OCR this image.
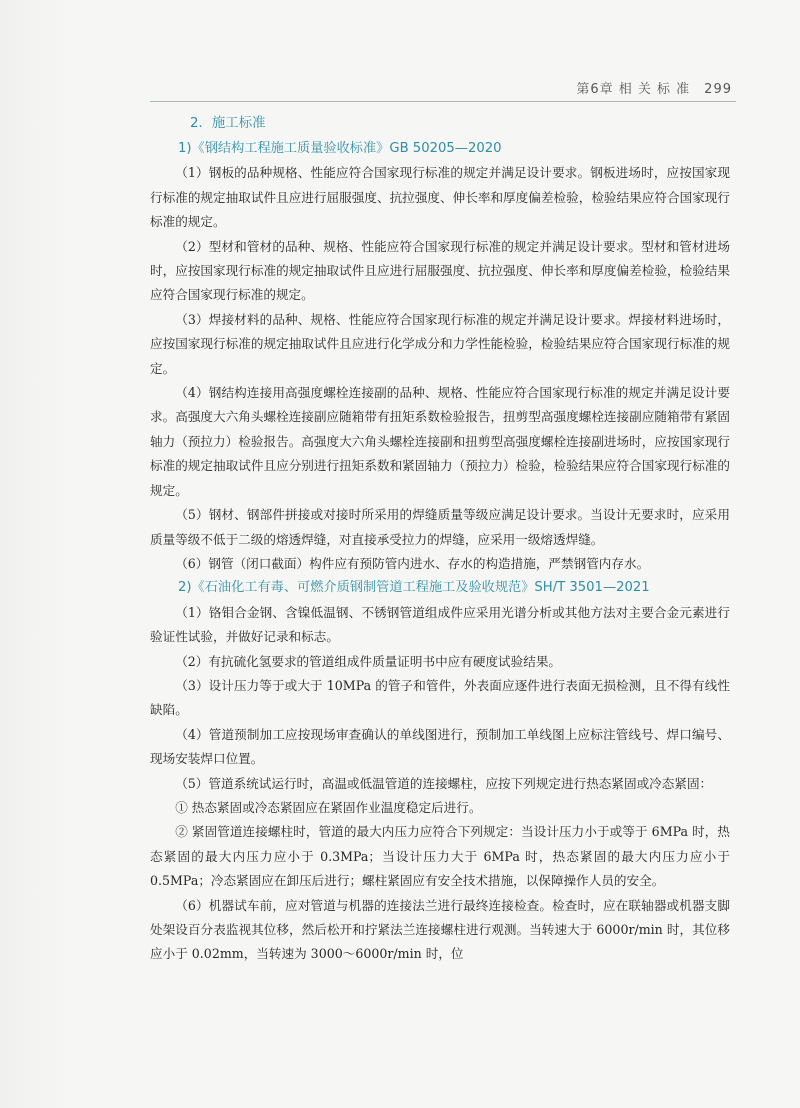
第6章 相 关 标 准 299
2．施工标准
1)《钢结构工程施工质量验收标准》GB 50205—2020

（1）钢板的品种规格、性能应符合国家现行标准的规定并满足设计要求。钢板进场时，应按国家现行标准的规定抽取试件且应进行屈服强度、抗拉强度、伸长率和厚度偏差检验，检验结果应符合国家现行标准的规定。

（2）型材和管材的品种、规格、性能应符合国家现行标准的规定并满足设计要求。型材和管材进场时，应按国家现行标准的规定抽取试件且应进行屈服强度、抗拉强度、伸长率和厚度偏差检验，检验结果应符合国家现行标准的规定。

（3）焊接材料的品种、规格、性能应符合国家现行标准的规定并满足设计要求。焊接材料进场时，应按国家现行标准的规定抽取试件且应进行化学成分和力学性能检验，检验结果应符合国家现行标准的规定。

（4）钢结构连接用高强度螺栓连接副的品种、规格、性能应符合国家现行标准的规定并满足设计要求。高强度大六角头螺栓连接副应随箱带有扭矩系数检验报告，扭剪型高强度螺栓连接副应随箱带有紧固轴力（预拉力）检验报告。高强度大六角头螺栓连接副和扭剪型高强度螺栓连接副进场时，应按国家现行标准的规定抽取试件且应分别进行扭矩系数和紧固轴力（预拉力）检验，检验结果应符合国家现行标准的规定。

（5）钢材、钢部件拼接或对接时所采用的焊缝质量等级应满足设计要求。当设计无要求时，应采用质量等级不低于二级的熔透焊缝，对直接承受拉力的焊缝，应采用一级熔透焊缝。

（6）钢管（闭口截面）构件应有预防管内进水、存水的构造措施，严禁钢管内存水。

2)《石油化工有毒、可燃介质钢制管道工程施工及验收规范》SH/T 3501—2021

（1）铬钼合金钢、含镍低温钢、不锈钢管道组成件应采用光谱分析或其他方法对主要合金元素进行验证性试验，并做好记录和标志。

（2）有抗硫化氢要求的管道组成件质量证明书中应有硬度试验结果。

（3）设计压力等于或大于 10MPa 的管子和管件，外表面应逐件进行表面无损检测，且不得有线性缺陷。

（4）管道预制加工应按现场审查确认的单线图进行，预制加工单线图上应标注管线号、焊口编号、现场安装焊口位置。

（5）管道系统试运行时，高温或低温管道的连接螺柱，应按下列规定进行热态紧固或冷态紧固：

① 热态紧固或冷态紧固应在紧固作业温度稳定后进行。

② 紧固管道连接螺柱时，管道的最大内压力应符合下列规定：当设计压力小于或等于 6MPa 时，热态紧固的最大内压力应小于 0.3MPa；当设计压力大于 6MPa 时，热态紧固的最大内压力应小于 0.5MPa；冷态紧固应在卸压后进行；螺柱紧固应有安全技术措施，以保障操作人员的安全。

（6）机器试车前，应对管道与机器的连接法兰进行最终连接检查。检查时，应在联轴器或机器支脚处架设百分表监视其位移，然后松开和拧紧法兰连接螺柱进行观测。当转速大于 6000r/min 时，其位移应小于 0.02mm，当转速为 3000～6000r/min 时，位
